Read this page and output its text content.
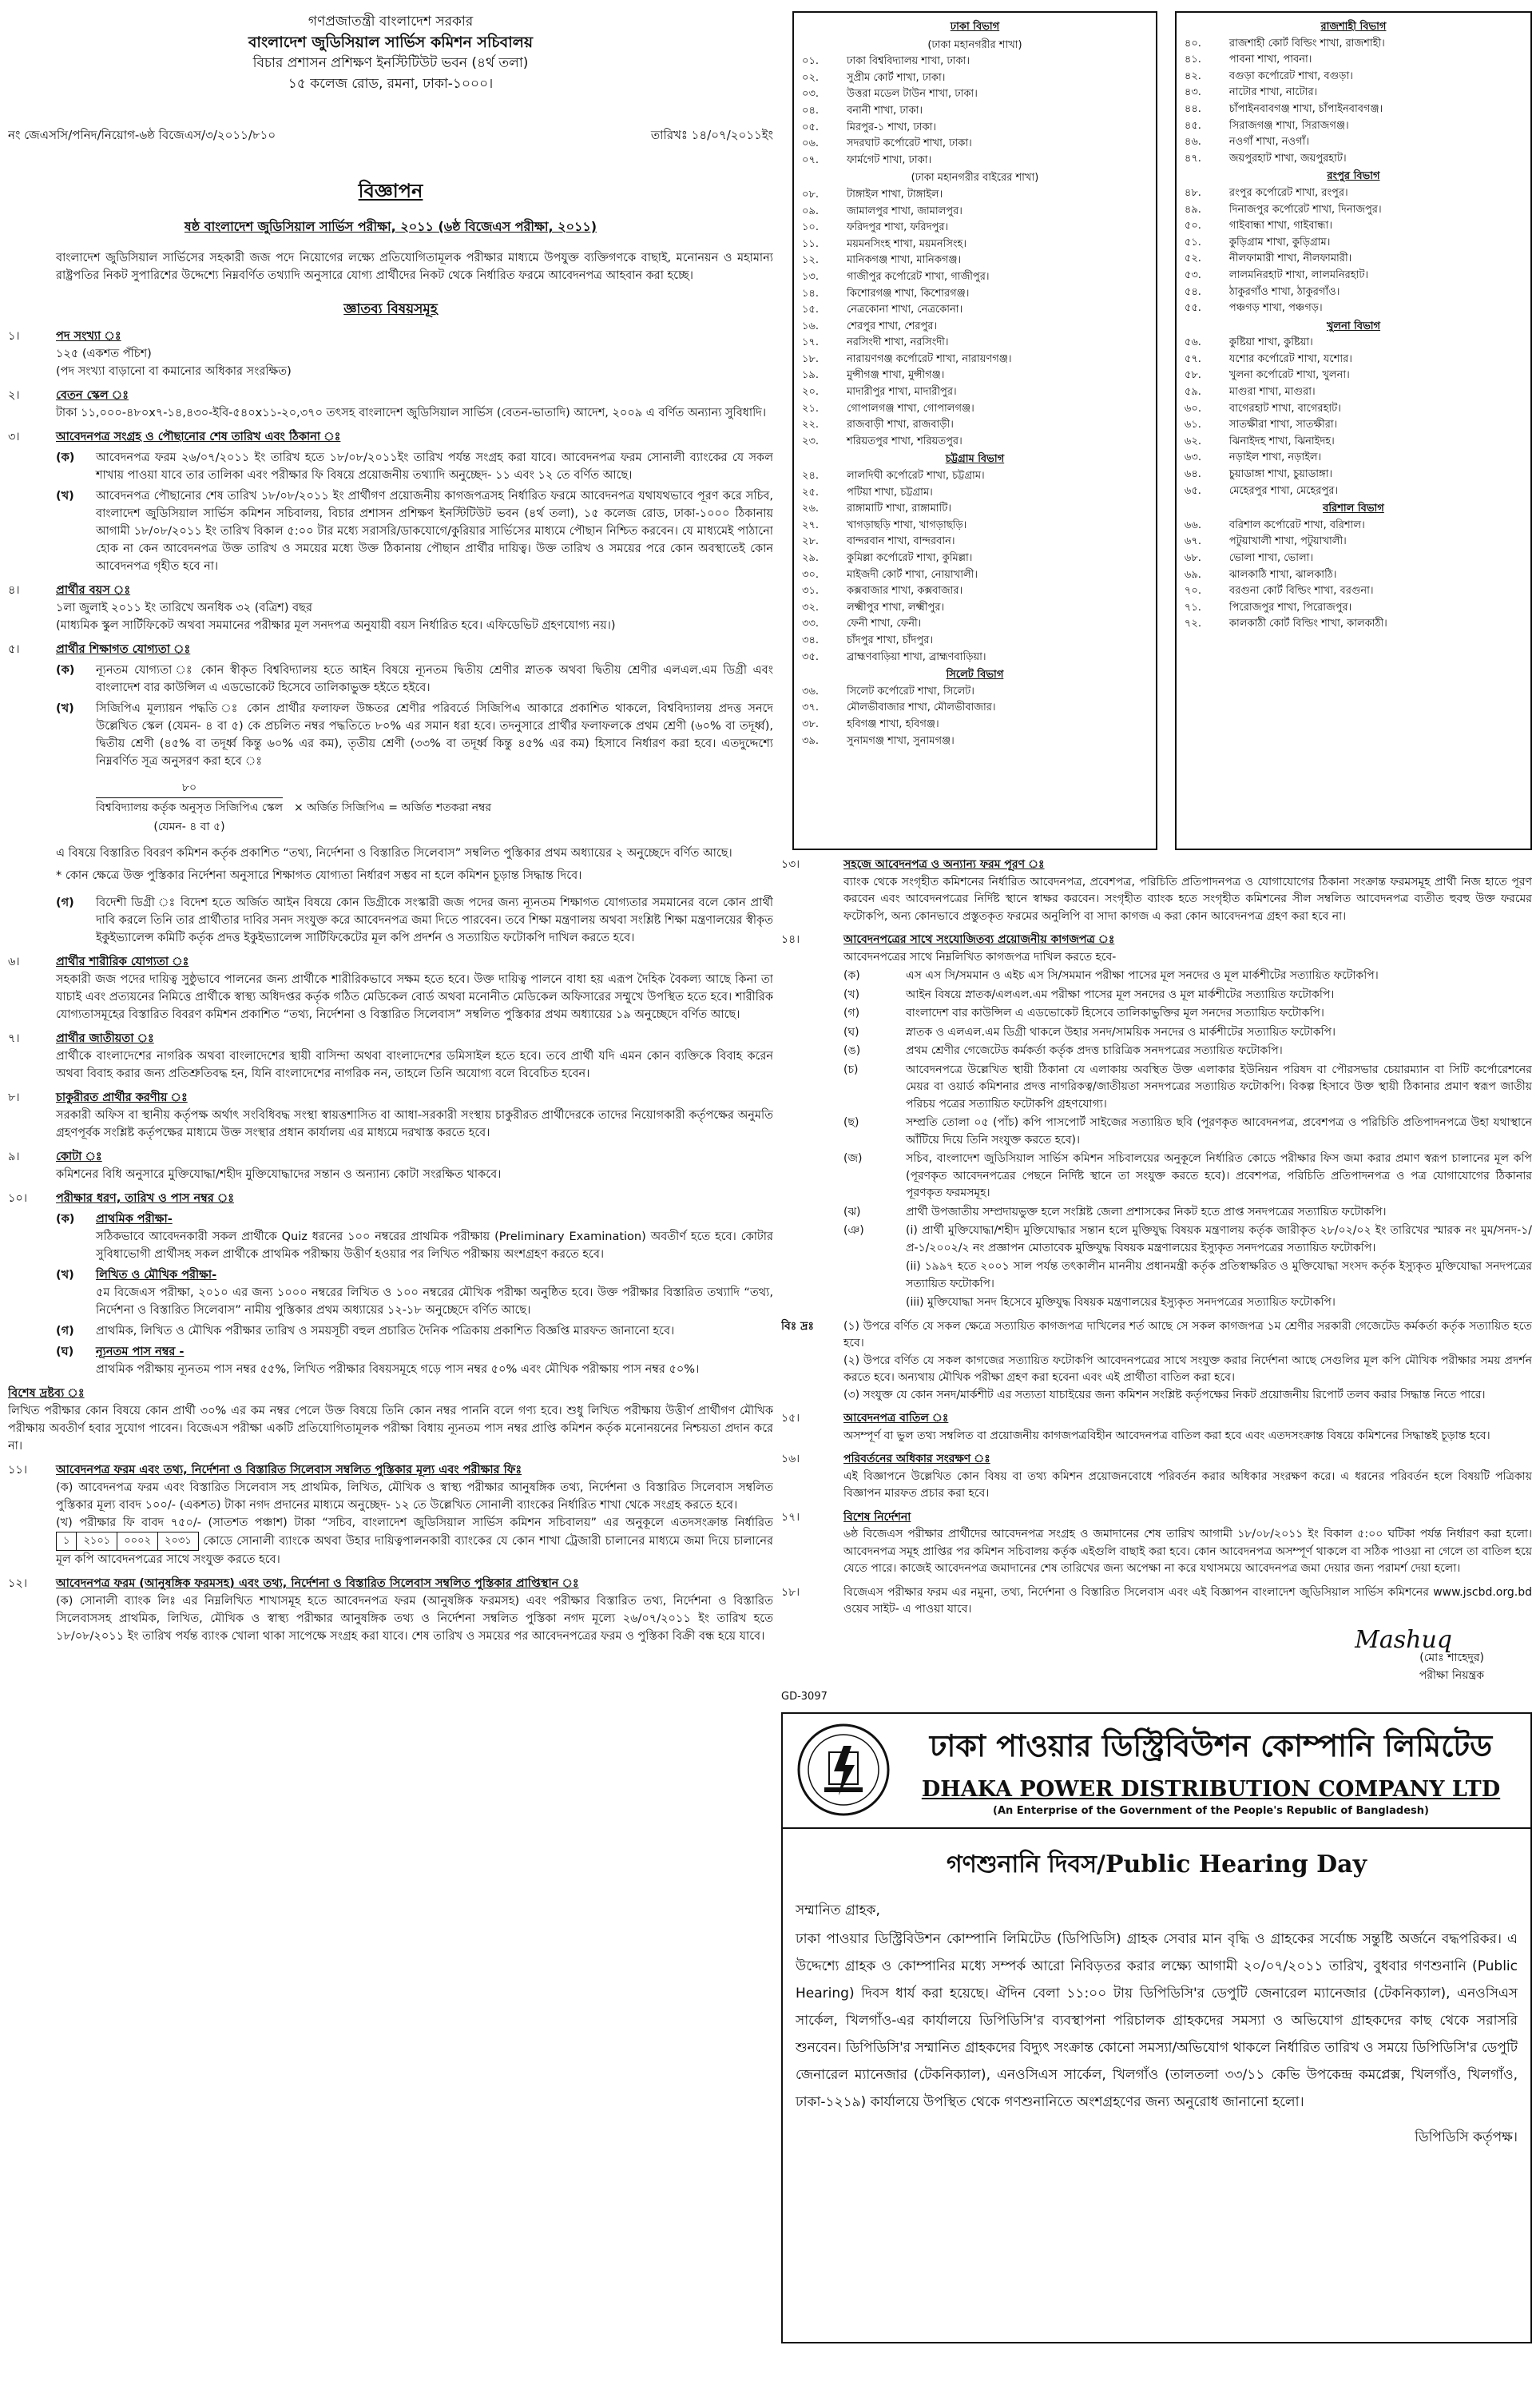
গণপ্রজাতন্ত্রী বাংলাদেশ সরকার
বাংলাদেশ জুডিসিয়াল সার্ভিস কমিশন সচিবালয়
বিচার প্রশাসন প্রশিক্ষণ ইনস্টিটিউট ভবন (৪র্থ তলা)
১৫ কলেজ রোড, রমনা, ঢাকা-১০০০।
নং জেএসসি/পনিদ/নিয়োগ-৬ষ্ঠ বিজেএস/৩/২০১১/৮১০	তারিখঃ ১৪/০৭/২০১১ইং
বিজ্ঞাপন
ষষ্ঠ বাংলাদেশ জুডিসিয়াল সার্ভিস পরীক্ষা, ২০১১ (৬ষ্ঠ বিজেএস পরীক্ষা, ২০১১)
বাংলাদেশ জুডিসিয়াল সার্ভিসের সহকারী জজ পদে নিয়োগের লক্ষ্যে প্রতিযোগিতামূলক পরীক্ষার মাধ্যমে উপযুক্ত ব্যক্তিগণকে বাছাই, মনোনয়ন ও মহামান্য রাষ্ট্রপতির নিকট সুপারিশের উদ্দেশ্যে নিম্নবর্ণিত তথ্যাদি অনুসারে যোগ্য প্রার্থীদের নিকট থেকে নির্ধারিত ফরমে আবেদনপত্র আহবান করা হচ্ছে।
জ্ঞাতব্য বিষয়সমূহ
১।	পদ সংখ্যা ঃ
১২৫ (একশত পঁচিশ)
(পদ সংখ্যা বাড়ানো বা কমানোর অধিকার সংরক্ষিত)
২।	বেতন স্কেল ঃ
টাকা ১১,০০০-৪৮০x৭-১৪,৪৩০-ইবি-৫৪০x১১-২০,৩৭০ তৎসহ বাংলাদেশ জুডিসিয়াল সার্ভিস (বেতন-ভাতাদি) আদেশ, ২০০৯ এ বর্ণিত অন্যান্য সুবিধাদি।
৩।	আবেদনপত্র সংগ্রহ ও পৌছানোর শেষ তারিখ এবং ঠিকানা ঃ
(ক)	আবেদনপত্র ফরম ২৬/০৭/২০১১ ইং তারিখ হতে ১৮/০৮/২০১১ইং তারিখ পর্যন্ত সংগ্রহ করা যাবে। আবেদনপত্র ফরম সোনালী ব্যাংকের যে সকল শাখায় পাওয়া যাবে তার তালিকা এবং পরীক্ষার ফি বিষয়ে প্রয়োজনীয় তথ্যাদি অনুচ্ছেদ- ১১ এবং ১২ তে বর্ণিত আছে।
(খ)	আবেদনপত্র পৌছানোর শেষ তারিখ ১৮/০৮/২০১১ ইং প্রার্থীগণ প্রয়োজনীয় কাগজপত্রসহ নির্ধারিত ফরমে আবেদনপত্র যথাযথভাবে পূরণ করে সচিব, বাংলাদেশ জুডিসিয়াল সার্ভিস কমিশন সচিবালয়, বিচার প্রশাসন প্রশিক্ষণ ইনস্টিটিউট ভবন (৪র্থ তলা), ১৫ কলেজ রোড, ঢাকা-১০০০ ঠিকানায় আগামী ১৮/০৮/২০১১ ইং তারিখ বিকাল ৫:০০ টার মধ্যে সরাসরি/ডাকযোগে/কুরিয়ার সার্ভিসের মাধ্যমে পৌছান নিশ্চিত করবেন। যে মাধ্যমেই পাঠানো হোক না কেন আবেদনপত্র উক্ত তারিখ ও সময়ের মধ্যে উক্ত ঠিকানায় পৌছান প্রার্থীর দায়িত্ব। উক্ত তারিখ ও সময়ের পরে কোন অবস্থাতেই কোন আবেদনপত্র গৃহীত হবে না।
৪।	প্রার্থীর বয়স ঃ
১লা জুলাই ২০১১ ইং তারিখে অনধিক ৩২ (বত্রিশ) বছর
(মাধ্যমিক স্কুল সার্টিফিকেট অথবা সমমানের পরীক্ষার মূল সনদপত্র অনুযায়ী বয়স নির্ধারিত হবে। এফিডেভিট গ্রহণযোগ্য নয়।)
৫।	প্রার্থীর শিক্ষাগত যোগ্যতা ঃ
(ক)	ন্যূনতম যোগ্যতা ঃ কোন স্বীকৃত বিশ্ববিদ্যালয় হতে আইন বিষয়ে ন্যূনতম দ্বিতীয় শ্রেণীর স্নাতক অথবা দ্বিতীয় শ্রেণীর এলএল.এম ডিগ্রী এবং বাংলাদেশ বার কাউন্সিল এ এডভোকেট হিসেবে তালিকাভুক্ত হইতে হইবে।
(খ)	সিজিপিএ মূল্যায়ন পদ্ধতি ঃ কোন প্রার্থীর ফলাফল উচ্চতর শ্রেণীর পরিবর্তে সিজিপিএ আকারে প্রকাশিত থাকলে, বিশ্ববিদ্যালয় প্রদত্ত সনদে উল্লেখিত স্কেল (যেমন- ৪ বা ৫) কে প্রচলিত নম্বর পদ্ধতিতে ৮০% এর সমান ধরা হবে। তদনুসারে প্রার্থীর ফলাফলকে প্রথম শ্রেণী (৬০% বা তদূর্ধ্ব), দ্বিতীয় শ্রেণী (৪৫% বা তদূর্ধ্ব কিন্তু ৬০% এর কম), তৃতীয় শ্রেণী (৩৩% বা তদূর্ধ্ব কিন্তু ৪৫% এর কম) হিসাবে নির্ধারণ করা হবে। এতদুদ্দেশ্যে নিম্নবর্ণিত সূত্র অনুসরণ করা হবে ঃ
৮০
বিশ্ববিদ্যালয় কর্তৃক অনুসৃত সিজিপিএ স্কেল
(যেমন- ৪ বা ৫)
× অর্জিত সিজিপিএ = অর্জিত শতকরা নম্বর
এ বিষয়ে বিস্তারিত বিবরণ কমিশন কর্তৃক প্রকাশিত “তথ্য, নির্দেশনা ও বিস্তারিত সিলেবাস” সম্বলিত পুস্তিকার প্রথম অধ্যায়ের ২ অনুচ্ছেদে বর্ণিত আছে।
* কোন ক্ষেত্রে উক্ত পুস্তিকার নির্দেশনা অনুসারে শিক্ষাগত যোগ্যতা নির্ধারণ সম্ভব না হলে কমিশন চূড়ান্ত সিদ্ধান্ত দিবে।
(গ)	বিদেশী ডিগ্রী ঃ বিদেশ হতে অর্জিত আইন বিষয়ে কোন ডিগ্রীকে সংস্কারী জজ পদের জন্য ন্যূনতম শিক্ষাগত যোগ্যতার সমমানের বলে কোন প্রার্থী দাবি করলে তিনি তার প্রার্থীতার দাবির সনদ সংযুক্ত করে আবেদনপত্র জমা দিতে পারবেন। তবে শিক্ষা মন্ত্রণালয় অথবা সংশ্লিষ্ট শিক্ষা মন্ত্রণালয়ের স্বীকৃত ইকুইভ্যালেন্স কমিটি কর্তৃক প্রদত্ত ইকুইভ্যালেন্স সার্টিফিকেটের মূল কপি প্রদর্শন ও সত্যায়িত ফটোকপি দাখিল করতে হবে।
৬।	প্রার্থীর শারীরিক যোগ্যতা ঃ
সহকারী জজ পদের দায়িত্ব সুষ্ঠুভাবে পালনের জন্য প্রার্থীকে শারীরিকভাবে সক্ষম হতে হবে। উক্ত দায়িত্ব পালনে বাধা হয় এরূপ দৈহিক বৈকল্য আছে কিনা তা যাচাই এবং প্রত্যয়নের নিমিত্তে প্রার্থীকে স্বাস্থ্য অধিদপ্তর কর্তৃক গঠিত মেডিকেল বোর্ড অথবা মনোনীত মেডিকেল অফিসারের সম্মুখে উপস্থিত হতে হবে। শারীরিক যোগ্যতাসমূহের বিস্তারিত বিবরণ কমিশন প্রকাশিত “তথ্য, নির্দেশনা ও বিস্তারিত সিলেবাস” সম্বলিত পুস্তিকার প্রথম অধ্যায়ের ১৯ অনুচ্ছেদে বর্ণিত আছে।
৭।	প্রার্থীর জাতীয়তা ঃ
প্রার্থীকে বাংলাদেশের নাগরিক অথবা বাংলাদেশের স্থায়ী বাসিন্দা অথবা বাংলাদেশের ডমিসাইল হতে হবে। তবে প্রার্থী যদি এমন কোন ব্যক্তিকে বিবাহ করেন অথবা বিবাহ করার জন্য প্রতিশ্রুতিবদ্ধ হন, যিনি বাংলাদেশের নাগরিক নন, তাহলে তিনি অযোগ্য বলে বিবেচিত হবেন।
৮।	চাকুরীরত প্রার্থীর করণীয় ঃ
সরকারী অফিস বা স্থানীয় কর্তৃপক্ষ অর্থাৎ সংবিধিবদ্ধ সংস্থা স্বায়ত্তশাসিত বা আধা-সরকারী সংস্থায় চাকুরীরত প্রার্থীদেরকে তাদের নিয়োগকারী কর্তৃপক্ষের অনুমতি গ্রহণপূর্বক সংশ্লিষ্ট কর্তৃপক্ষের মাধ্যমে উক্ত সংস্থার প্রধান কার্যালয় এর মাধ্যমে দরখাস্ত করতে হবে।
৯।	কোটা ঃ
কমিশনের বিধি অনুসারে মুক্তিযোদ্ধা/শহীদ মুক্তিযোদ্ধাদের সন্তান ও অন্যান্য কোটা সংরক্ষিত থাকবে।
১০।	পরীক্ষার ধরণ, তারিখ ও পাস নম্বর ঃ
(ক)	প্রাথমিক পরীক্ষা-
সঠিকভাবে আবেদনকারী সকল প্রার্থীকে Quiz ধরনের ১০০ নম্বরের প্রাথমিক পরীক্ষায় (Preliminary Examination) অবতীর্ণ হতে হবে। কোটার সুবিধাভোগী প্রার্থীসহ সকল প্রার্থীকে প্রাথমিক পরীক্ষায় উত্তীর্ণ হওয়ার পর লিখিত পরীক্ষায় অংশগ্রহণ করতে হবে।
(খ)	লিখিত ও মৌখিক পরীক্ষা-
৫ম বিজেএস পরীক্ষা, ২০১০ এর জন্য ১০০০ নম্বরের লিখিত ও ১০০ নম্বরের মৌখিক পরীক্ষা অনুষ্ঠিত হবে। উক্ত পরীক্ষার বিস্তারিত তথ্যাদি “তথ্য, নির্দেশনা ও বিস্তারিত সিলেবাস” নামীয় পুস্তিকার প্রথম অধ্যায়ের ১২-১৮ অনুচ্ছেদে বর্ণিত আছে।
(গ)	প্রাথমিক, লিখিত ও মৌখিক পরীক্ষার তারিখ ও সময়সূচী বহুল প্রচারিত দৈনিক পত্রিকায় প্রকাশিত বিজ্ঞপ্তি মারফত জানানো হবে।
(ঘ)	ন্যূনতম পাস নম্বর -
প্রাথমিক পরীক্ষায় ন্যূনতম পাস নম্বর ৫৫%, লিখিত পরীক্ষার বিষয়সমূহে গড়ে পাস নম্বর ৫০% এবং মৌখিক পরীক্ষায় পাস নম্বর ৫০%।
বিশেষ দ্রষ্টব্য ঃ
লিখিত পরীক্ষার কোন বিষয়ে কোন প্রার্থী ৩০% এর কম নম্বর পেলে উক্ত বিষয়ে তিনি কোন নম্বর পাননি বলে গণ্য হবে। শুধু লিখিত পরীক্ষায় উত্তীর্ণ প্রার্থীগণ মৌখিক পরীক্ষায় অবতীর্ণ হবার সুযোগ পাবেন। বিজেএস পরীক্ষা একটি প্রতিযোগিতামূলক পরীক্ষা বিধায় ন্যূনতম পাস নম্বর প্রাপ্তি কমিশন কর্তৃক মনোনয়নের নিশ্চয়তা প্রদান করে না।
১১।	আবেদনপত্র ফরম এবং তথ্য, নির্দেশনা ও বিস্তারিত সিলেবাস সম্বলিত পুস্তিকার মূল্য এবং পরীক্ষার ফিঃ
(ক) আবেদনপত্র ফরম এবং বিস্তারিত সিলেবাস সহ প্রাথমিক, লিখিত, মৌখিক ও স্বাস্থ্য পরীক্ষার আনুষঙ্গিক তথ্য, নির্দেশনা ও বিস্তারিত সিলেবাস সম্বলিত পুস্তিকার মূল্য বাবদ ১০০/- (একশত) টাকা নগদ প্রদানের মাধ্যমে অনুচ্ছেদ- ১২ তে উল্লেখিত সোনালী ব্যাংকের নির্ধারিত শাখা থেকে সংগ্রহ করতে হবে।
(খ) পরীক্ষার ফি বাবদ ৭৫০/- (সাতশত পঞ্চাশ) টাকা “সচিব, বাংলাদেশ জুডিসিয়াল সার্ভিস কমিশন সচিবালয়” এর অনুকূলে এতদসংক্রান্ত নির্ধারিত
১	২১০১	০০০২	২০৩১ কোডে সোনালী ব্যাংকে অথবা উহার দায়িত্বপালনকারী ব্যাংকের যে কোন শাখা ট্রেজারী চালানের মাধ্যমে জমা দিয়ে চালানের মূল কপি আবেদনপত্রের সাথে সংযুক্ত করতে হবে।
১২।	আবেদনপত্র ফরম (আনুষঙ্গিক ফরমসহ) এবং তথ্য, নির্দেশনা ও বিস্তারিত সিলেবাস সম্বলিত পুস্তিকার প্রাপ্তিস্থান ঃ
(ক) সোনালী ব্যাংক লিঃ এর নিম্নলিখিত শাখাসমূহ হতে আবেদনপত্র ফরম (আনুষঙ্গিক ফরমসহ) এবং পরীক্ষার বিস্তারিত তথ্য, নির্দেশনা ও বিস্তারিত সিলেবাসসহ প্রাথমিক, লিখিত, মৌখিক ও স্বাস্থ্য পরীক্ষার আনুষঙ্গিক তথ্য ও নির্দেশনা সম্বলিত পুস্তিকা নগদ মূল্যে ২৬/০৭/২০১১ ইং তারিখ হতে ১৮/০৮/২০১১ ইং তারিখ পর্যন্ত ব্যাংক খোলা থাকা সাপেক্ষে সংগ্রহ করা যাবে। শেষ তারিখ ও সময়ের পর আবেদনপত্রের ফরম ও পুস্তিকা বিক্রী বন্ধ হয়ে যাবে।
ঢাকা বিভাগ
(ঢাকা মহানগরীর শাখা)
০১.	ঢাকা বিশ্ববিদ্যালয় শাখা, ঢাকা।
০২.	সুপ্রীম কোর্ট শাখা, ঢাকা।
০৩.	উত্তরা মডেল টাউন শাখা, ঢাকা।
০৪.	বনানী শাখা, ঢাকা।
০৫.	মিরপুর-১ শাখা, ঢাকা।
০৬.	সদরঘাট কর্পোরেট শাখা, ঢাকা।
০৭.	ফার্মগেট শাখা, ঢাকা।
(ঢাকা মহানগরীর বাইরের শাখা)
০৮.	টাঙ্গাইল শাখা, টাঙ্গাইল।
০৯.	জামালপুর শাখা, জামালপুর।
১০.	ফরিদপুর শাখা, ফরিদপুর।
১১.	ময়মনসিংহ শাখা, ময়মনসিংহ।
১২.	মানিকগঞ্জ শাখা, মানিকগঞ্জ।
১৩.	গাজীপুর কর্পোরেট শাখা, গাজীপুর।
১৪.	কিশোরগঞ্জ শাখা, কিশোরগঞ্জ।
১৫.	নেত্রকোনা শাখা, নেত্রকোনা।
১৬.	শেরপুর শাখা, শেরপুর।
১৭.	নরসিংদী শাখা, নরসিংদী।
১৮.	নারায়ণগঞ্জ কর্পোরেট শাখা, নারায়ণগঞ্জ।
১৯.	মুন্সীগঞ্জ শাখা, মুন্সীগঞ্জ।
২০.	মাদারীপুর শাখা, মাদারীপুর।
২১.	গোপালগঞ্জ শাখা, গোপালগঞ্জ।
২২.	রাজবাড়ী শাখা, রাজবাড়ী।
২৩.	শরিয়তপুর শাখা, শরিয়তপুর।
চট্টগ্রাম বিভাগ
২৪.	লালদিঘী কর্পোরেট শাখা, চট্টগ্রাম।
২৫.	পটিয়া শাখা, চট্টগ্রাম।
২৬.	রাঙ্গামাটি শাখা, রাঙ্গামাটি।
২৭.	খাগড়াছড়ি শাখা, খাগড়াছড়ি।
২৮.	বান্দরবান শাখা, বান্দরবান।
২৯.	কুমিল্লা কর্পোরেট শাখা, কুমিল্লা।
৩০.	মাইজদী কোর্ট শাখা, নোয়াখালী।
৩১.	কক্সবাজার শাখা, কক্সবাজার।
৩২.	লক্ষ্মীপুর শাখা, লক্ষ্মীপুর।
৩৩.	ফেনী শাখা, ফেনী।
৩৪.	চাঁদপুর শাখা, চাঁদপুর।
৩৫.	ব্রাহ্মণবাড়িয়া শাখা, ব্রাহ্মণবাড়িয়া।
সিলেট বিভাগ
৩৬.	সিলেট কর্পোরেট শাখা, সিলেট।
৩৭.	মৌলভীবাজার শাখা, মৌলভীবাজার।
৩৮.	হবিগঞ্জ শাখা, হবিগঞ্জ।
৩৯.	সুনামগঞ্জ শাখা, সুনামগঞ্জ।
রাজশাহী বিভাগ
৪০.	রাজশাহী কোর্ট বিল্ডিং শাখা, রাজশাহী।
৪১.	পাবনা শাখা, পাবনা।
৪২.	বগুড়া কর্পোরেট শাখা, বগুড়া।
৪৩.	নাটোর শাখা, নাটোর।
৪৪.	চাঁপাইনবাবগঞ্জ শাখা, চাঁপাইনবাবগঞ্জ।
৪৫.	সিরাজগঞ্জ শাখা, সিরাজগঞ্জ।
৪৬.	নওগাঁ শাখা, নওগাঁ।
৪৭.	জয়পুরহাট শাখা, জয়পুরহাট।
রংপুর বিভাগ
৪৮.	রংপুর কর্পোরেট শাখা, রংপুর।
৪৯.	দিনাজপুর কর্পোরেট শাখা, দিনাজপুর।
৫০.	গাইবান্ধা শাখা, গাইবান্ধা।
৫১.	কুড়িগ্রাম শাখা, কুড়িগ্রাম।
৫২.	নীলফামারী শাখা, নীলফামারী।
৫৩.	লালমনিরহাট শাখা, লালমনিরহাট।
৫৪.	ঠাকুরগাঁও শাখা, ঠাকুরগাঁও।
৫৫.	পঞ্চগড় শাখা, পঞ্চগড়।
খুলনা বিভাগ
৫৬.	কুষ্টিয়া শাখা, কুষ্টিয়া।
৫৭.	যশোর কর্পোরেট শাখা, যশোর।
৫৮.	খুলনা কর্পোরেট শাখা, খুলনা।
৫৯.	মাগুরা শাখা, মাগুরা।
৬০.	বাগেরহাট শাখা, বাগেরহাট।
৬১.	সাতক্ষীরা শাখা, সাতক্ষীরা।
৬২.	ঝিনাইদহ শাখা, ঝিনাইদহ।
৬৩.	নড়াইল শাখা, নড়াইল।
৬৪.	চুয়াডাঙ্গা শাখা, চুয়াডাঙ্গা।
৬৫.	মেহেরপুর শাখা, মেহেরপুর।
বরিশাল বিভাগ
৬৬.	বরিশাল কর্পোরেট শাখা, বরিশাল।
৬৭.	পটুয়াখালী শাখা, পটুয়াখালী।
৬৮.	ভোলা শাখা, ভোলা।
৬৯.	ঝালকাঠি শাখা, ঝালকাঠি।
৭০.	বরগুনা কোর্ট বিল্ডিং শাখা, বরগুনা।
৭১.	পিরোজপুর শাখা, পিরোজপুর।
৭২.	কালকাঠী কোর্ট বিল্ডিং শাখা, কালকাঠী।
১৩।	সহজে আবেদনপত্র ও অন্যান্য ফরম পূরণ ঃ
ব্যাংক থেকে সংগৃহীত কমিশনের নির্ধারিত আবেদনপত্র, প্রবেশপত্র, পরিচিতি প্রতিপাদনপত্র ও যোগাযোগের ঠিকানা সংক্রান্ত ফরমসমূহ প্রার্থী নিজ হাতে পূরণ করবেন এবং আবেদনপত্রের নির্দিষ্ট স্থানে স্বাক্ষর করবেন। সংগৃহীত ব্যাংক হতে সংগৃহীত কমিশনের সীল সম্বলিত আবেদনপত্র ব্যতীত হুবহু উক্ত ফরমের ফটোকপি, অন্য কোনভাবে প্রস্তুতকৃত ফরমের অনুলিপি বা সাদা কাগজ এ করা কোন আবেদনপত্র গ্রহণ করা হবে না।
১৪।	আবেদনপত্রের সাথে সংযোজিতব্য প্রয়োজনীয় কাগজপত্র ঃ
আবেদনপত্রের সাথে নিম্নলিখিত কাগজপত্র দাখিল করতে হবে-
(ক)	এস এস সি/সমমান ও এইচ এস সি/সমমান পরীক্ষা পাসের মূল সনদের ও মূল মার্কশীটের সত্যায়িত ফটোকপি।
(খ)	আইন বিষয়ে স্নাতক/এলএল.এম পরীক্ষা পাসের মূল সনদের ও মূল মার্কশীটের সত্যায়িত ফটোকপি।
(গ)	বাংলাদেশ বার কাউন্সিল এ এডভোকেট হিসেবে তালিকাভুক্তির মূল সনদের সত্যায়িত ফটোকপি।
(ঘ)	স্নাতক ও এলএল.এম ডিগ্রী থাকলে উহার সনদ/সাময়িক সনদের ও মার্কশীটের সত্যায়িত ফটোকপি।
(ঙ)	প্রথম শ্রেণীর গেজেটেড কর্মকর্তা কর্তৃক প্রদত্ত চারিত্রিক সনদপত্রের সত্যায়িত ফটোকপি।
(চ)	আবেদনপত্রে উল্লেখিত স্থায়ী ঠিকানা যে এলাকায় অবস্থিত উক্ত এলাকার ইউনিয়ন পরিষদ বা পৌরসভার চেয়ারম্যান বা সিটি কর্পোরেশনের মেয়র বা ওয়ার্ড কমিশনার প্রদত্ত নাগরিকত্ব/জাতীয়তা সনদপত্রের সত্যায়িত ফটোকপি। বিকল্প হিসাবে উক্ত স্থায়ী ঠিকানার প্রমাণ স্বরূপ জাতীয় পরিচয় পত্রের সত্যায়িত ফটোকপি গ্রহণযোগ্য।
(ছ)	সম্প্রতি তোলা ০৫ (পাঁচ) কপি পাসপোর্ট সাইজের সত্যায়িত ছবি (পূরণকৃত আবেদনপত্র, প্রবেশপত্র ও পরিচিতি প্রতিপাদনপত্রে উহা যথাস্থানে আঁটিয়ে দিয়ে তিনি সংযুক্ত করতে হবে)।
(জ)	সচিব, বাংলাদেশ জুডিসিয়াল সার্ভিস কমিশন সচিবালয়ের অনুকূলে নির্ধারিত কোডে পরীক্ষার ফিস জমা করার প্রমাণ স্বরূপ চালানের মূল কপি (পূরণকৃত আবেদনপত্রের পেছনে নির্দিষ্ট স্থানে তা সংযুক্ত করতে হবে)। প্রবেশপত্র, পরিচিতি প্রতিপাদনপত্র ও পত্র যোগাযোগের ঠিকানার পূরণকৃত ফরমসমূহ।
(ঝ)	প্রার্থী উপজাতীয় সম্প্রদায়ভুক্ত হলে সংশ্লিষ্ট জেলা প্রশাসকের নিকট হতে প্রাপ্ত সনদপত্রের সত্যায়িত ফটোকপি।
(ঞ)	(i) প্রার্থী মুক্তিযোদ্ধা/শহীদ মুক্তিযোদ্ধার সন্তান হলে মুক্তিযুদ্ধ বিষয়ক মন্ত্রণালয় কর্তৃক জারীকৃত ২৮/০২/০২ ইং তারিখের স্মারক নং মুম/সনদ-১/প্র-১/২০০২/২ নং প্রজ্ঞাপন মোতাবেক মুক্তিযুদ্ধ বিষয়ক মন্ত্রণালয়ের ইস্যুকৃত সনদপত্রের সত্যায়িত ফটোকপি।
(ii) ১৯৯৭ হতে ২০০১ সাল পর্যন্ত তৎকালীন মাননীয় প্রধানমন্ত্রী কর্তৃক প্রতিস্বাক্ষরিত ও মুক্তিযোদ্ধা সংসদ কর্তৃক ইস্যুকৃত মুক্তিযোদ্ধা সনদপত্রের সত্যায়িত ফটোকপি।
(iii) মুক্তিযোদ্ধা সনদ হিসেবে মুক্তিযুদ্ধ বিষয়ক মন্ত্রণালয়ের ইস্যুকৃত সনদপত্রের সত্যায়িত ফটোকপি।
বিঃ দ্রঃ	(১) উপরে বর্ণিত যে সকল ক্ষেত্রে সত্যায়িত কাগজপত্র দাখিলের শর্ত আছে সে সকল কাগজপত্র ১ম শ্রেণীর সরকারী গেজেটেড কর্মকর্তা কর্তৃক সত্যায়িত হতে হবে।
(২) উপরে বর্ণিত যে সকল কাগজের সত্যায়িত ফটোকপি আবেদনপত্রের সাথে সংযুক্ত করার নির্দেশনা আছে সেগুলির মূল কপি মৌখিক পরীক্ষার সময় প্রদর্শন করতে হবে। অন্যথায় মৌখিক পরীক্ষা গ্রহণ করা হবেনা এবং এই প্রার্থীতা বাতিল করা হবে।
(৩) সংযুক্ত যে কোন সনদ/মার্কশীট এর সত্যতা যাচাইয়ের জন্য কমিশন সংশ্লিষ্ট কর্তৃপক্ষের নিকট প্রয়োজনীয় রিপোর্ট তলব করার সিদ্ধান্ত নিতে পারে।
১৫।	আবেদনপত্র বাতিল ঃ
অসম্পূর্ণ বা ভুল তথ্য সম্বলিত বা প্রয়োজনীয় কাগজপত্রবিহীন আবেদনপত্র বাতিল করা হবে এবং এতদসংক্রান্ত বিষয়ে কমিশনের সিদ্ধান্তই চূড়ান্ত হবে।
১৬।	পরিবর্তনের অধিকার সংরক্ষণ ঃ
এই বিজ্ঞাপনে উল্লেখিত কোন বিষয় বা তথ্য কমিশন প্রয়োজনবোধে পরিবর্তন করার অধিকার সংরক্ষণ করে। এ ধরনের পরিবর্তন হলে বিষয়টি পত্রিকায় বিজ্ঞাপন মারফত প্রচার করা হবে।
১৭।	বিশেষ নির্দেশনা
৬ষ্ঠ বিজেএস পরীক্ষার প্রার্থীদের আবেদনপত্র সংগ্রহ ও জমাদানের শেষ তারিখ আগামী ১৮/০৮/২০১১ ইং বিকাল ৫:০০ ঘটিকা পর্যন্ত নির্ধারণ করা হলো। আবেদনপত্র সমূহ প্রাপ্তির পর কমিশন সচিবালয় কর্তৃক এইগুলি বাছাই করা হবে। কোন আবেদনপত্র অসম্পূর্ণ থাকলে বা সঠিক পাওয়া না গেলে তা বাতিল হয়ে যেতে পারে। কাজেই আবেদনপত্র জমাদানের শেষ তারিখের জন্য অপেক্ষা না করে যথাসময়ে আবেদনপত্র জমা দেয়ার জন্য পরামর্শ দেয়া হলো।
১৮।	বিজেএস পরীক্ষার ফরম এর নমুনা, তথ্য, নির্দেশনা ও বিস্তারিত সিলেবাস এবং এই বিজ্ঞাপন বাংলাদেশ জুডিসিয়াল সার্ভিস কমিশনের www.jscbd.org.bd ওয়েব সাইট- এ পাওয়া যাবে।
Mashuq
(মোঃ শাহেদুর)
পরীক্ষা নিয়ন্ত্রক
GD-3097
ঢাকা পাওয়ার ডিস্ট্রিবিউশন কোম্পানি লিমিটেড
DHAKA POWER DISTRIBUTION COMPANY LTD
(An Enterprise of the Government of the People's Republic of Bangladesh)
গণশুনানি দিবস/Public Hearing Day
সম্মানিত গ্রাহক,
ঢাকা পাওয়ার ডিস্ট্রিবিউশন কোম্পানি লিমিটেড (ডিপিডিসি) গ্রাহক সেবার মান বৃদ্ধি ও গ্রাহকের সর্বোচ্চ সন্তুষ্টি অর্জনে বদ্ধপরিকর। এ উদ্দেশ্যে গ্রাহক ও কোম্পানির মধ্যে সম্পর্ক আরো নিবিড়তর করার লক্ষ্যে আগামী ২০/০৭/২০১১ তারিখ, বুধবার গণশুনানি (Public Hearing) দিবস ধার্য করা হয়েছে। ঐদিন বেলা ১১:০০ টায় ডিপিডিসি'র ডেপুটি জেনারেল ম্যানেজার (টেকনিক্যাল), এনওসিএস সার্কেল, খিলগাঁও-এর কার্যালয়ে ডিপিডিসি'র ব্যবস্থাপনা পরিচালক গ্রাহকদের সমস্যা ও অভিযোগ গ্রাহকদের কাছ থেকে সরাসরি শুনবেন। ডিপিডিসি'র সম্মানিত গ্রাহকদের বিদ্যুৎ সংক্রান্ত কোনো সমস্যা/অভিযোগ থাকলে নির্ধারিত তারিখ ও সময়ে ডিপিডিসি'র ডেপুটি জেনারেল ম্যানেজার (টেকনিক্যাল), এনওসিএস সার্কেল, খিলগাঁও (তালতলা ৩৩/১১ কেভি উপকেন্দ্র কমপ্লেক্স, খিলগাঁও, খিলগাঁও, ঢাকা-১২১৯) কার্যালয়ে উপস্থিত থেকে গণশুনানিতে অংশগ্রহণের জন্য অনুরোধ জানানো হলো।
ডিপিডিসি কর্তৃপক্ষ।
